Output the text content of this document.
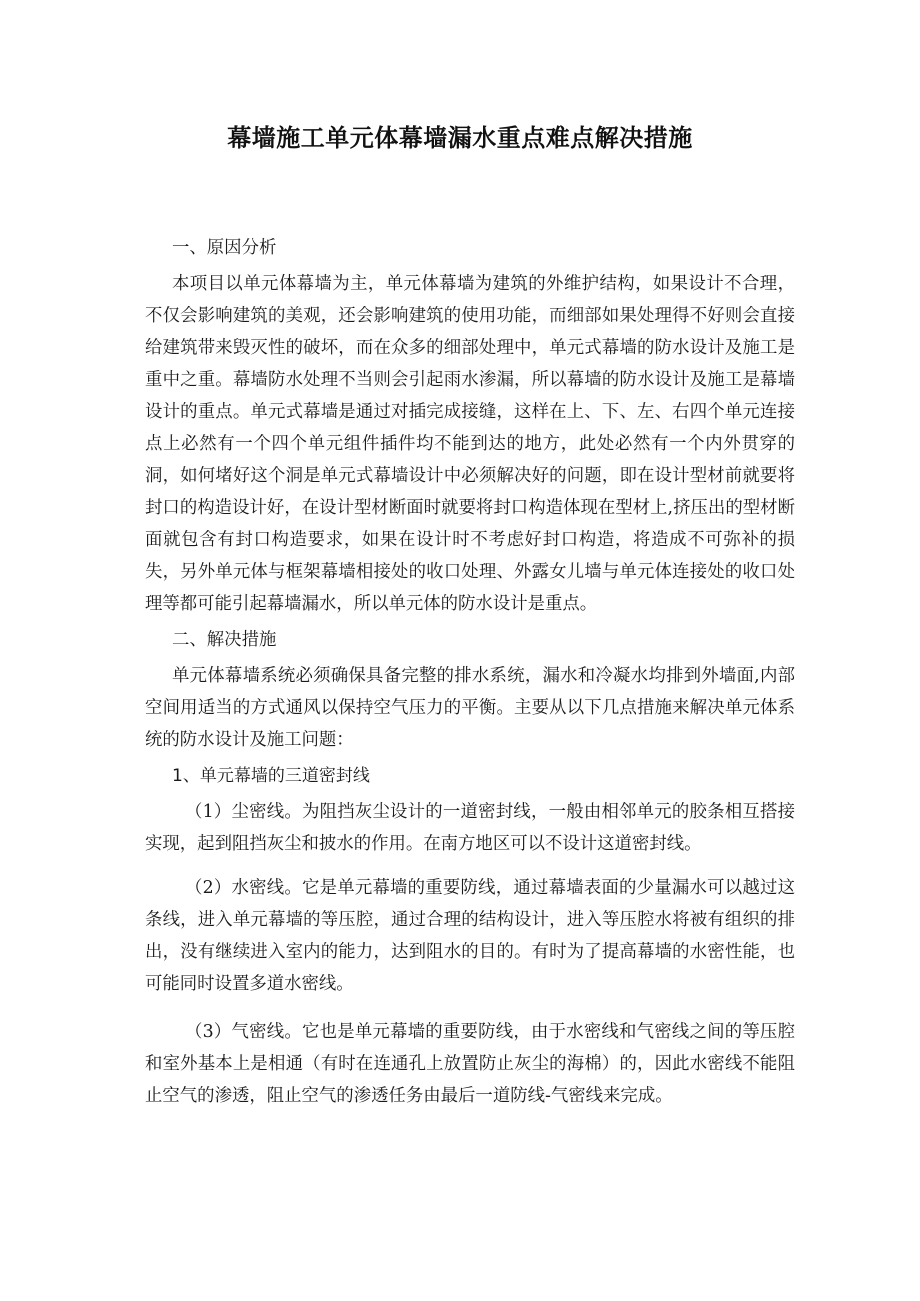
幕墙施工单元体幕墙漏水重点难点解决措施

一、原因分析

本项目以单元体幕墙为主，单元体幕墙为建筑的外维护结构，如果设计不合理，不仅会影响建筑的美观，还会影响建筑的使用功能，而细部如果处理得不好则会直接给建筑带来毁灭性的破坏，而在众多的细部处理中，单元式幕墙的防水设计及施工是重中之重。幕墙防水处理不当则会引起雨水渗漏，所以幕墙的防水设计及施工是幕墙设计的重点。单元式幕墙是通过对插完成接缝，这样在上、下、左、右四个单元连接点上必然有一个四个单元组件插件均不能到达的地方，此处必然有一个内外贯穿的洞，如何堵好这个洞是单元式幕墙设计中必须解决好的问题，即在设计型材前就要将封口的构造设计好，在设计型材断面时就要将封口构造体现在型材上,挤压出的型材断面就包含有封口构造要求，如果在设计时不考虑好封口构造，将造成不可弥补的损失，另外单元体与框架幕墙相接处的收口处理、外露女儿墙与单元体连接处的收口处理等都可能引起幕墙漏水，所以单元体的防水设计是重点。

二、解决措施

单元体幕墙系统必须确保具备完整的排水系统，漏水和冷凝水均排到外墙面,内部空间用适当的方式通风以保持空气压力的平衡。主要从以下几点措施来解决单元体系统的防水设计及施工问题：

1、单元幕墙的三道密封线

（1）尘密线。为阻挡灰尘设计的一道密封线，一般由相邻单元的胶条相互搭接实现，起到阻挡灰尘和披水的作用。在南方地区可以不设计这道密封线。

（2）水密线。它是单元幕墙的重要防线，通过幕墙表面的少量漏水可以越过这条线，进入单元幕墙的等压腔，通过合理的结构设计，进入等压腔水将被有组织的排出，没有继续进入室内的能力，达到阻水的目的。有时为了提高幕墙的水密性能，也可能同时设置多道水密线。

（3）气密线。它也是单元幕墙的重要防线，由于水密线和气密线之间的等压腔和室外基本上是相通（有时在连通孔上放置防止灰尘的海棉）的，因此水密线不能阻止空气的渗透，阻止空气的渗透任务由最后一道防线-气密线来完成。
